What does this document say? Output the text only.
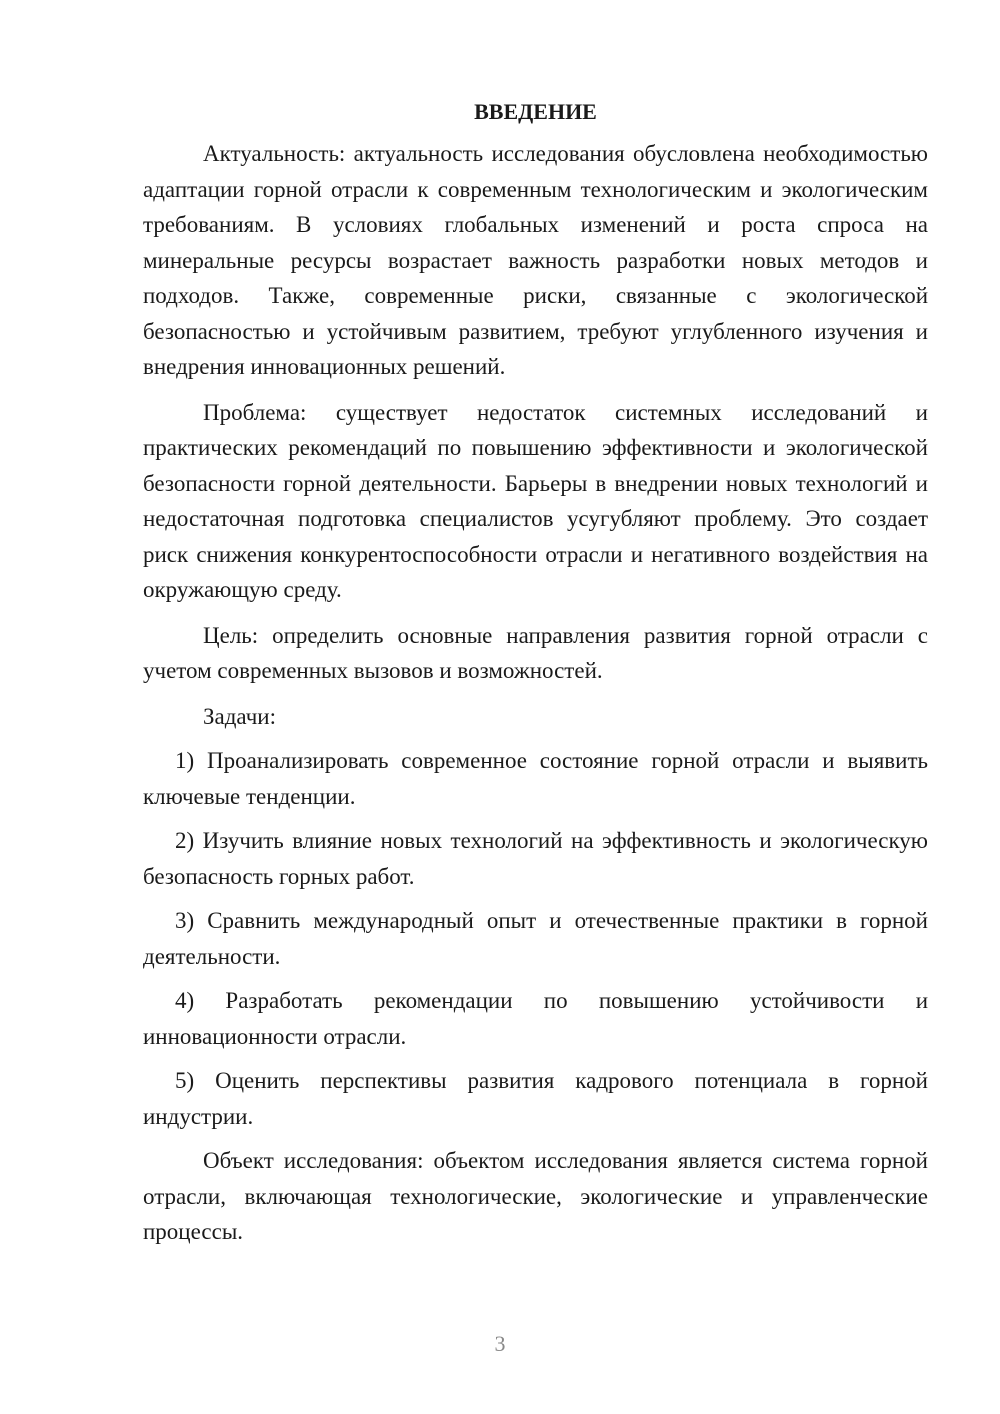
ВВЕДЕНИЕ

Актуальность: актуальность исследования обусловлена необходимостью адаптации горной отрасли к современным технологическим и экологическим требованиям. В условиях глобальных изменений и роста спроса на минеральные ресурсы возрастает важность разработки новых методов и подходов. Также, современные риски, связанные с экологической безопасностью и устойчивым развитием, требуют углубленного изучения и внедрения инновационных решений.

Проблема: существует недостаток системных исследований и практических рекомендаций по повышению эффективности и экологической безопасности горной деятельности. Барьеры в внедрении новых технологий и недостаточная подготовка специалистов усугубляют проблему. Это создает риск снижения конкурентоспособности отрасли и негативного воздействия на окружающую среду.

Цель: определить основные направления развития горной отрасли с учетом современных вызовов и возможностей.

Задачи:

1) Проанализировать современное состояние горной отрасли и выявить ключевые тенденции.

2) Изучить влияние новых технологий на эффективность и экологическую безопасность горных работ.

3) Сравнить международный опыт и отечественные практики в горной деятельности.

4) Разработать рекомендации по повышению устойчивости и инновационности отрасли.

5) Оценить перспективы развития кадрового потенциала в горной индустрии.

Объект исследования: объектом исследования является система горной отрасли, включающая технологические, экологические и управленческие процессы.

3
